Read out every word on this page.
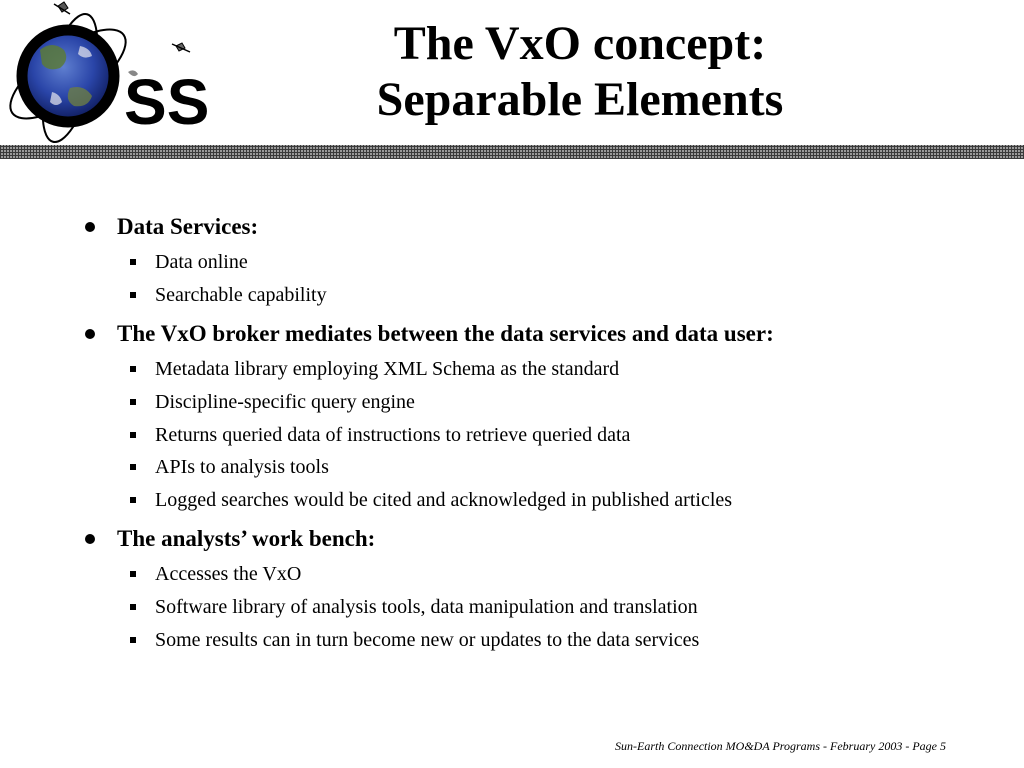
SS
The VxO concept:
Separable Elements
Data Services:
Data online
Searchable capability
The VxO broker mediates between the data services and data user:
Metadata library employing XML Schema as the standard
Discipline-specific query engine
Returns queried data of instructions to retrieve queried data
APIs to analysis tools
Logged searches would be cited and acknowledged in published articles
The analysts’ work bench:
Accesses the VxO
Software library of analysis tools, data manipulation and translation
Some results can in turn become new or updates to the data services
Sun-Earth Connection MO&DA Programs - February 2003 - Page 5
